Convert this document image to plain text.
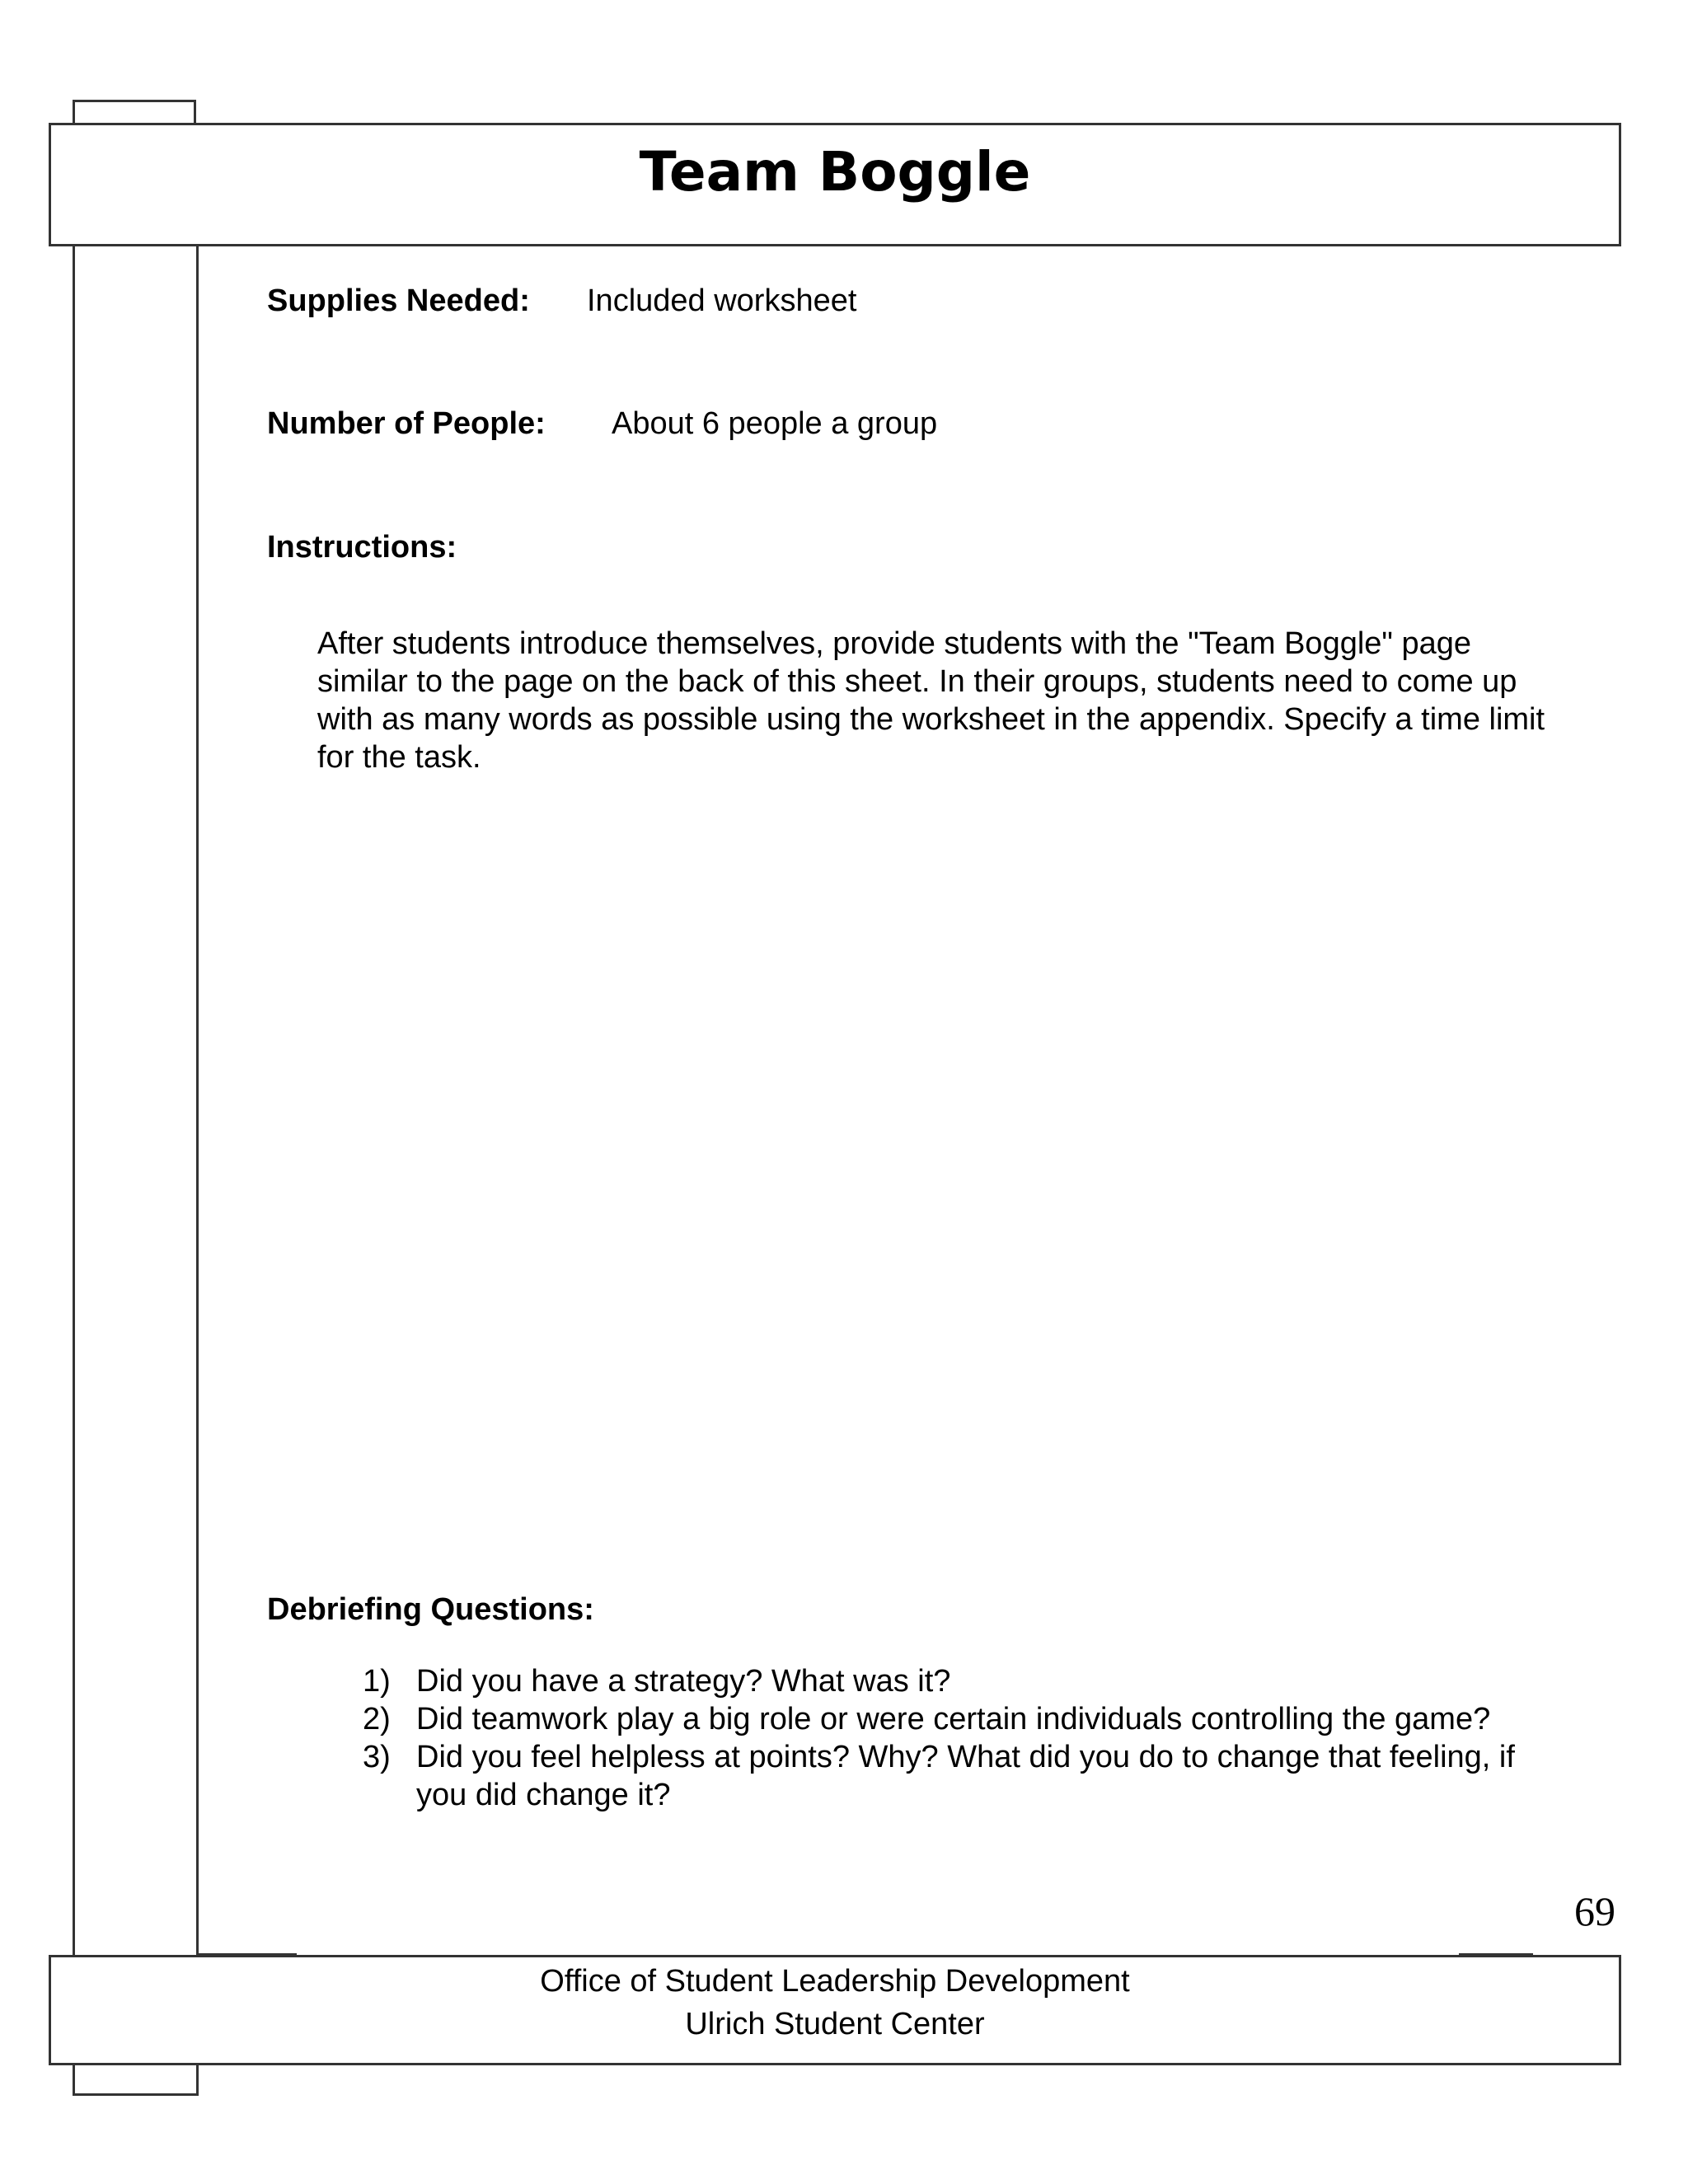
Team Boggle
Supplies Needed: Included worksheet
Number of People: About 6 people a group
Instructions:
After students introduce themselves, provide students with the "Team Boggle" page similar to the page on the back of this sheet. In their groups, students need to come up with as many words as possible using the worksheet in the appendix. Specify a time limit for the task.
Debriefing Questions:
1) Did you have a strategy? What was it?
2) Did teamwork play a big role or were certain individuals controlling the game?
3) Did you feel helpless at points? Why? What did you do to change that feeling, if you did change it?
69
Office of Student Leadership Development
Ulrich Student Center
